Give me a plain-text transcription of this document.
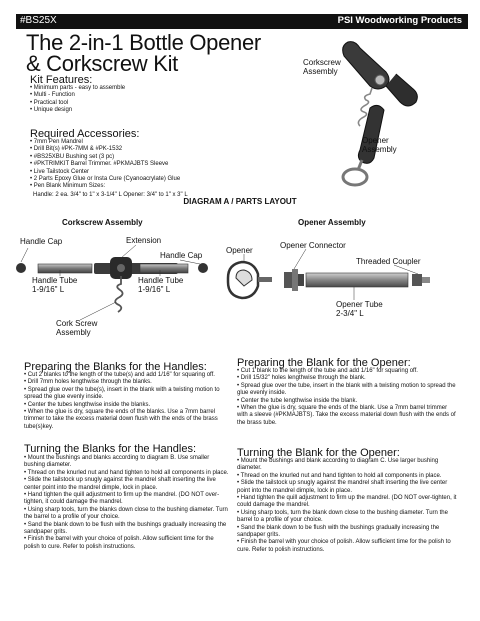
#BS25X	PSI Woodworking Products
The 2-in-1 Bottle Opener
& Corkscrew Kit
Kit Features:
• Minimum parts - easy to assemble
• Multi - Function
• Practical tool
• Unique design
Required Accessories:
• 7mm Pen Mandrel
• Drill Bit(s) #PK-7MM & #PK-1532
• #BS25XBU Bushing set (3 pc)
• #PKTRIMKIT Barrel Trimmer. #PKMAJBTS Sleeve
• Live Tailstock Center
• 2 Parts Epoxy Glue or Insta Cure (Cyanoacrylate) Glue
• Pen Blank Minimum Sizes:
Handle: 2 ea. 3/4" to 1" x 3-1/4" L Opener: 3/4" to 1" x 3" L
Corkscrew
Assembly
Opener
Assembly
DIAGRAM A / PARTS LAYOUT
Corkscrew Assembly	Opener Assembly
Handle Cap	Extension
Handle Cap
Handle Tube
1-9/16" L
Handle Tube
1-9/16" L
Cork Screw
Assembly
Opener
Opener Connector
Threaded Coupler
Opener Tube
2-3/4" L
Preparing the Blanks for the Handles:
• Cut 2 blanks to the length of the tube(s) and add 1/16" for squaring off.
• Drill 7mm holes lengthwise through the blanks.
• Spread glue over the tube(s), insert in the blank with a twisting motion to spread the glue evenly inside.
• Center the tubes lengthwise inside the blanks.
• When the glue is dry, square the ends of the blanks. Use a 7mm barrel trimmer to take the excess material down flush with the ends of the brass tube(s)key.
Preparing the Blank for the Opener:
• Cut 1 blank to the length of the tube and add 1/16" for squaring off.
• Drill 15/32" holes lengthwise through the blank.
• Spread glue over the tube, insert in the blank with a twisting motion to spread the glue evenly inside.
• Center the tube lengthwise inside the blank.
• When the glue is dry, square the ends of the blank. Use a 7mm barrel trimmer with a sleeve (#PKMAJBTS). Take the excess material down flush with the ends of the brass tube.
Turning the Blanks for the Handles:
• Mount the bushings and blanks according to diagram B. Use smaller bushing diameter.
• Thread on the knurled nut and hand tighten to hold all components in place.
• Slide the tailstock up snugly against the mandrel shaft inserting the live center point into the mandrel dimple, lock in place.
• Hand tighten the quill adjustment to firm up the mandrel. (DO NOT over-tighten, it could damage the mandrel.
• Using sharp tools, turn the blanks down close to the bushing diameter. Turn the barrel to a profile of your choice.
• Sand the blank down to be flush with the bushings gradually increasing the sandpaper grits.
• Finish the barrel with your choice of polish. Allow sufficient time for the polish to cure. Refer to polish instructions.
Turning the Blank for the Opener:
• Mount the bushings and blank according to diagram C. Use larger bushing diameter.
• Thread on the knurled nut and hand tighten to hold all components in place.
• Slide the tailstock up snugly against the mandrel shaft inserting the live center point into the mandrel dimple, lock in place.
• Hand tighten the quill adjustment to firm up the mandrel. (DO NOT over-tighten, it could damage the mandrel.
• Using sharp tools, turn the blank down close to the bushing diameter. Turn the barrel to a profile of your choice.
• Sand the blank down to be flush with the bushings gradually increasing the sandpaper grits.
• Finish the barrel with your choice of polish. Allow sufficient time for the polish to cure. Refer to polish instructions.
